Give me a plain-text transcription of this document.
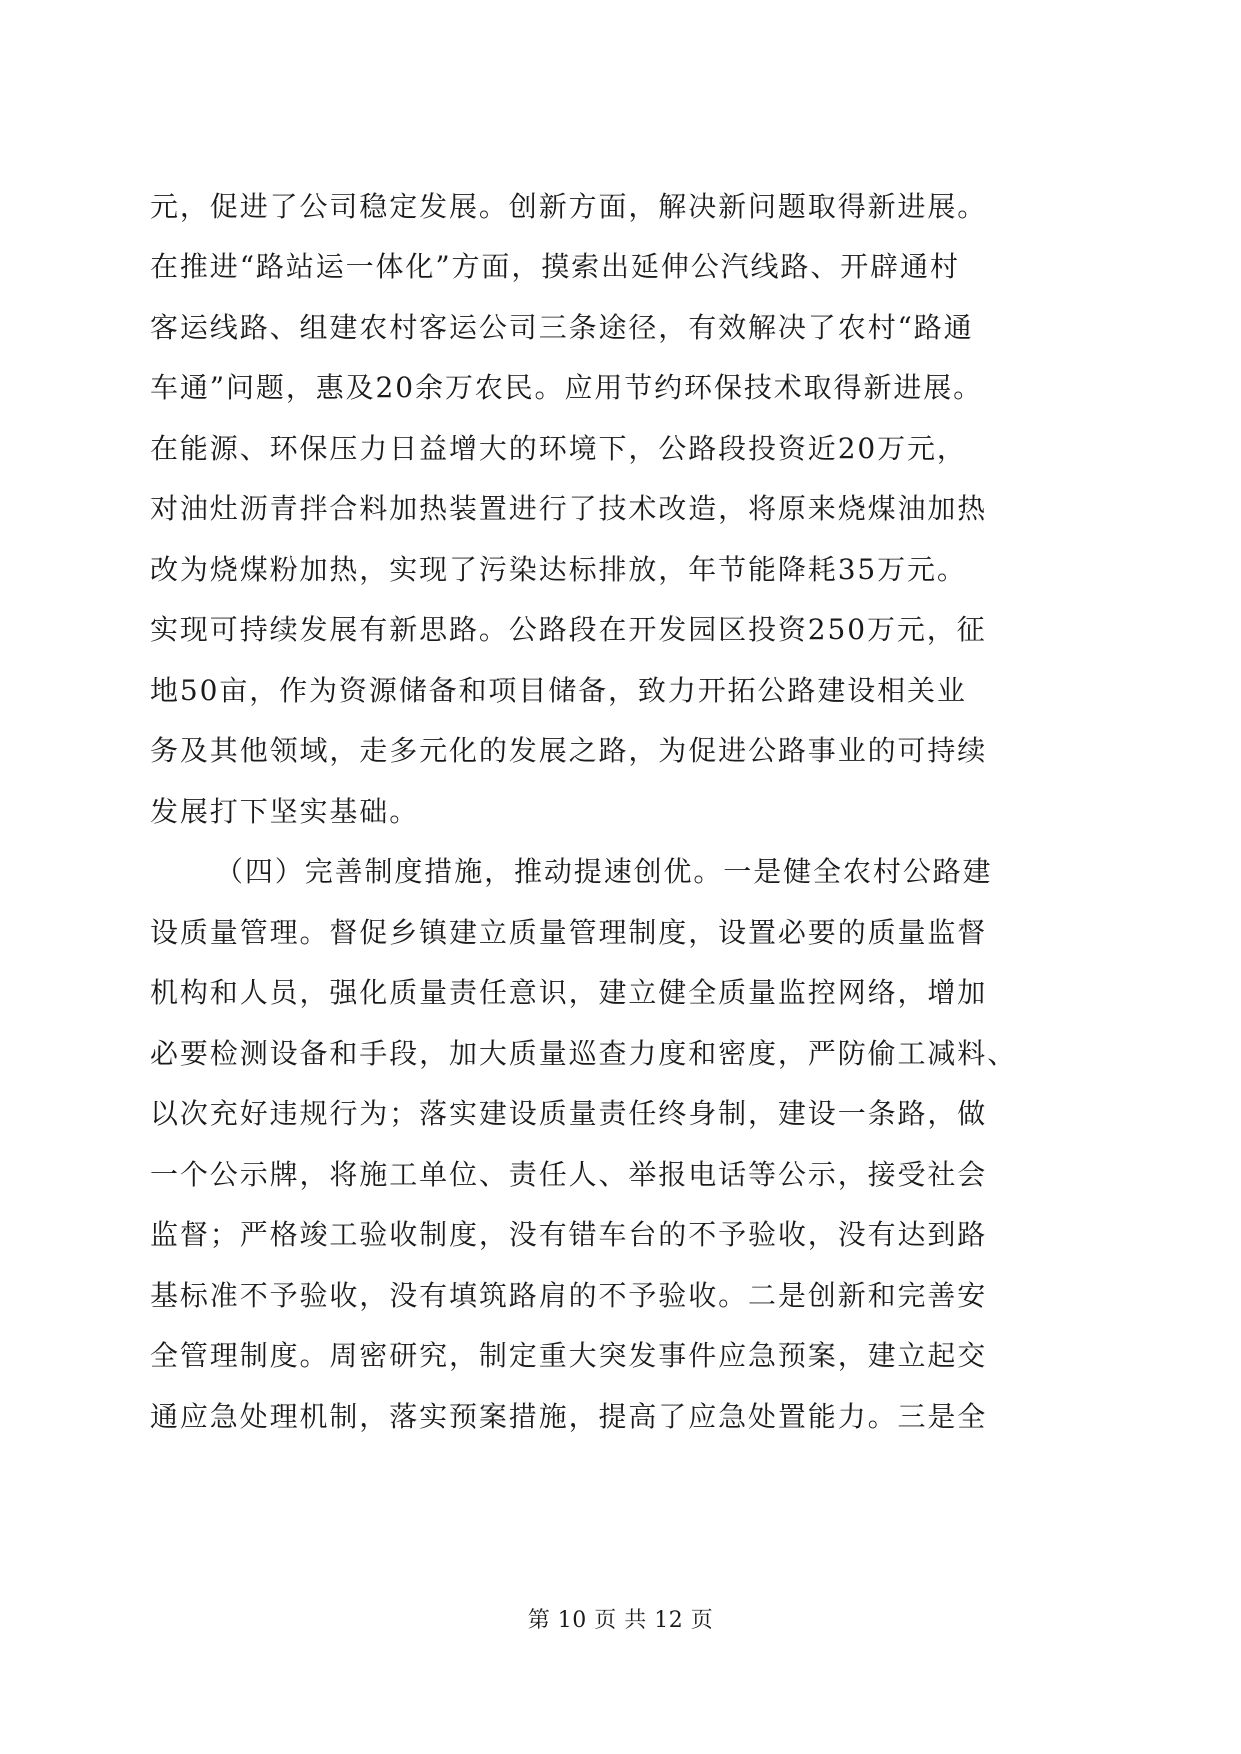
元，促进了公司稳定发展。创新方面，解决新问题取得新进展。
在推进“路站运一体化”方面，摸索出延伸公汽线路、开辟通村
客运线路、组建农村客运公司三条途径，有效解决了农村“路通
车通”问题，惠及20余万农民。应用节约环保技术取得新进展。
在能源、环保压力日益增大的环境下，公路段投资近20万元，
对油灶沥青拌合料加热装置进行了技术改造，将原来烧煤油加热
改为烧煤粉加热，实现了污染达标排放，年节能降耗35万元。
实现可持续发展有新思路。公路段在开发园区投资250万元，征
地50亩，作为资源储备和项目储备，致力开拓公路建设相关业
务及其他领域，走多元化的发展之路，为促进公路事业的可持续
发展打下坚实基础。
（四）完善制度措施，推动提速创优。一是健全农村公路建
设质量管理。督促乡镇建立质量管理制度，设置必要的质量监督
机构和人员，强化质量责任意识，建立健全质量监控网络，增加
必要检测设备和手段，加大质量巡查力度和密度，严防偷工减料、
以次充好违规行为；落实建设质量责任终身制，建设一条路，做
一个公示牌，将施工单位、责任人、举报电话等公示，接受社会
监督；严格竣工验收制度，没有错车台的不予验收，没有达到路
基标准不予验收，没有填筑路肩的不予验收。二是创新和完善安
全管理制度。周密研究，制定重大突发事件应急预案，建立起交
通应急处理机制，落实预案措施，提高了应急处置能力。三是全
第 10 页 共 12 页
